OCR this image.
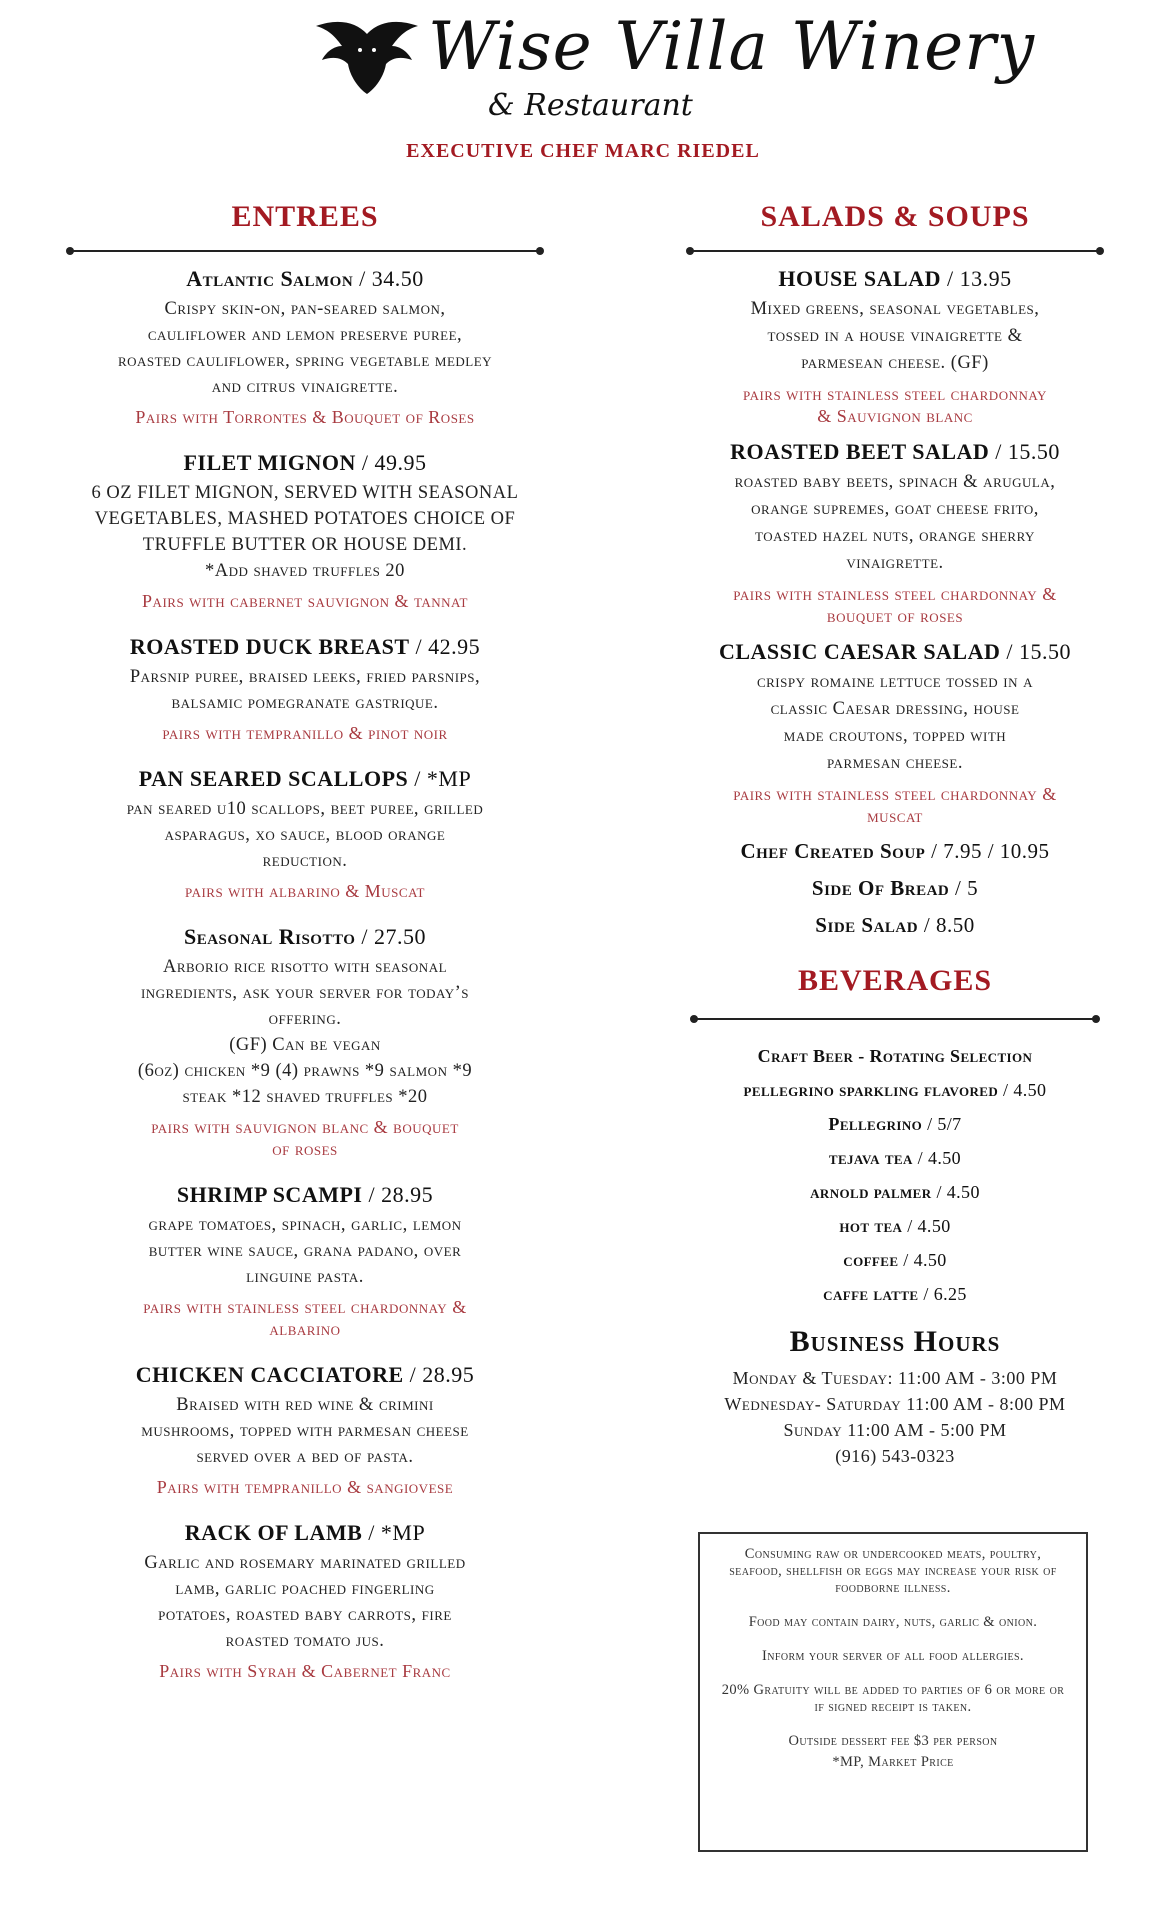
Wise Villa Winery
& Restaurant
EXECUTIVE CHEF MARC RIEDEL
ENTREES
Atlantic Salmon / 34.50
Crispy skin-on, pan-seared salmon,
cauliflower and lemon preserve puree,
roasted cauliflower, spring vegetable medley
and citrus vinaigrette.
Pairs with Torrontes & Bouquet of Roses
FILET MIGNON / 49.95
6 OZ FILET MIGNON, SERVED WITH SEASONAL
VEGETABLES, MASHED POTATOES CHOICE OF
TRUFFLE BUTTER OR HOUSE DEMI.
*Add shaved truffles 20
Pairs with cabernet sauvignon & tannat
ROASTED DUCK BREAST / 42.95
Parsnip puree, braised leeks, fried parsnips,
balsamic pomegranate gastrique.
pairs with tempranillo & pinot noir
PAN SEARED SCALLOPS / *MP
pan seared u10 scallops, beet puree, grilled
asparagus, xo sauce, blood orange
reduction.
pairs with albarino & Muscat
Seasonal Risotto / 27.50
Arborio rice risotto with seasonal
ingredients, ask your server for today’s
offering.
(GF) Can be vegan
(6oz) chicken *9 (4) prawns *9 salmon *9
steak *12 shaved truffles *20
pairs with sauvignon blanc & bouquet
of roses
SHRIMP SCAMPI / 28.95
grape tomatoes, spinach, garlic, lemon
butter wine sauce, grana padano, over
linguine pasta.
pairs with stainless steel chardonnay &
albarino
CHICKEN CACCIATORE / 28.95
Braised with red wine & crimini
mushrooms, topped with parmesan cheese
served over a bed of pasta.
Pairs with tempranillo & sangiovese
RACK OF LAMB / *MP
Garlic and rosemary marinated grilled
lamb, garlic poached fingerling
potatoes, roasted baby carrots, fire
roasted tomato jus.
Pairs with Syrah & Cabernet Franc
SALADS & SOUPS
HOUSE SALAD / 13.95
Mixed greens, seasonal vegetables,
tossed in a house vinaigrette &
parmesean cheese. (GF)
pairs with stainless steel chardonnay
& Sauvignon blanc
ROASTED BEET SALAD / 15.50
roasted baby beets, spinach & arugula,
orange supremes, goat cheese frito,
toasted hazel nuts, orange sherry
vinaigrette.
pairs with stainless steel chardonnay &
bouquet of roses
CLASSIC CAESAR SALAD / 15.50
crispy romaine lettuce tossed in a
classic Caesar dressing, house
made croutons, topped with
parmesan cheese.
pairs with stainless steel chardonnay &
muscat
Chef Created Soup / 7.95 / 10.95
Side Of Bread / 5
Side Salad / 8.50
BEVERAGES
Craft Beer - Rotating Selection
pellegrino sparkling flavored / 4.50
Pellegrino / 5/7
tejava tea / 4.50
arnold palmer / 4.50
hot tea / 4.50
coffee / 4.50
caffe latte / 6.25
Business Hours
Monday & Tuesday: 11:00 AM - 3:00 PM
Wednesday- Saturday 11:00 AM - 8:00 PM
Sunday 11:00 AM - 5:00 PM
(916) 543-0323

Consuming raw or undercooked meats, poultry, seafood, shellfish or eggs may increase your risk of foodborne illness.

Food may contain dairy, nuts, garlic & onion.

Inform your server of all food allergies.

20% Gratuity will be added to parties of 6 or more or if signed receipt is taken.

Outside dessert fee $3 per person

*MP, Market Price
